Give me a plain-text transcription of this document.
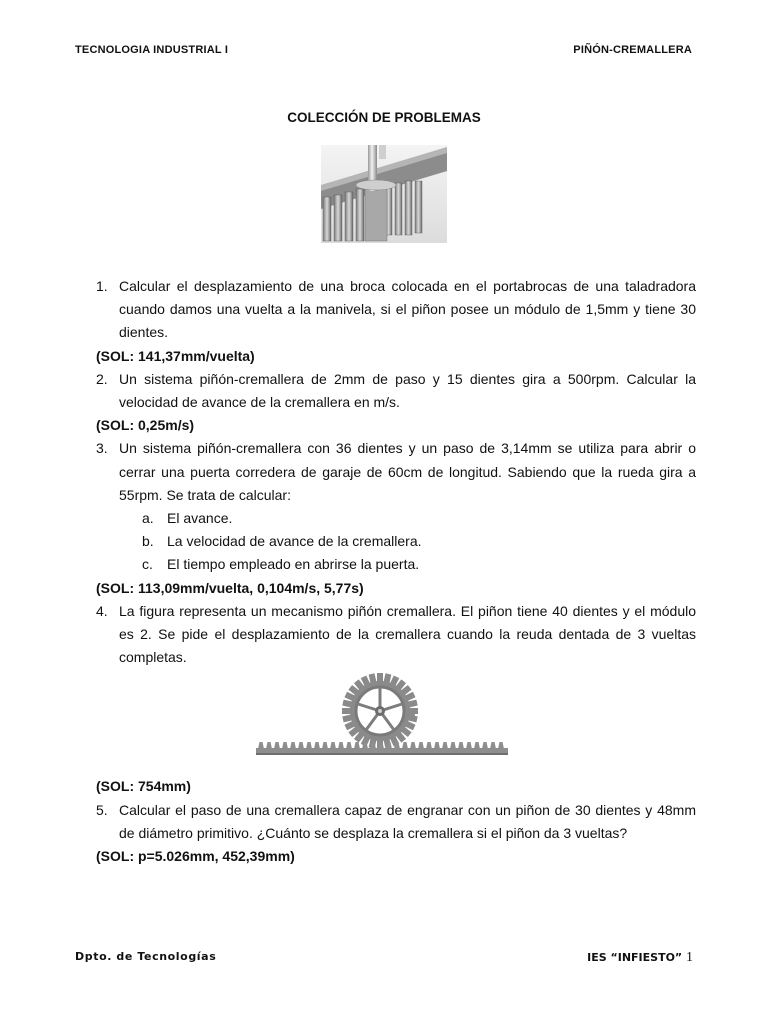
TECNOLOGIA INDUSTRIAL I	PIÑÓN-CREMALLERA
COLECCIÓN DE PROBLEMAS
1. Calcular el desplazamiento de una broca colocada en el portabrocas de una taladradora cuando damos una vuelta a la manivela, si el piñon posee un módulo de 1,5mm y tiene 30 dientes.
(SOL: 141,37mm/vuelta)
2. Un sistema piñón-cremallera de 2mm de paso y 15 dientes gira a 500rpm. Calcular la velocidad de avance de la cremallera en m/s.
(SOL: 0,25m/s)
3. Un sistema piñón-cremallera con 36 dientes y un paso de 3,14mm se utiliza para abrir o cerrar una puerta corredera de garaje de 60cm de longitud. Sabiendo que la rueda gira a 55rpm. Se trata de calcular:
a. El avance.
b. La velocidad de avance de la cremallera.
c.	El tiempo empleado en abrirse la puerta.
(SOL: 113,09mm/vuelta, 0,104m/s, 5,77s)
4. La figura representa un mecanismo piñón cremallera. El piñon tiene 40 dientes y el módulo es 2. Se pide el desplazamiento de la cremallera cuando la reuda dentada de 3 vueltas completas.
(SOL: 754mm)
5. Calcular el paso de una cremallera capaz de engranar con un piñon de 30 dientes y 48mm de diámetro primitivo. ¿Cuánto se desplaza la cremallera si el piñon da 3 vueltas?
(SOL: p=5.026mm, 452,39mm)
Dpto. de Tecnologías	IES “INFIESTO” 1
